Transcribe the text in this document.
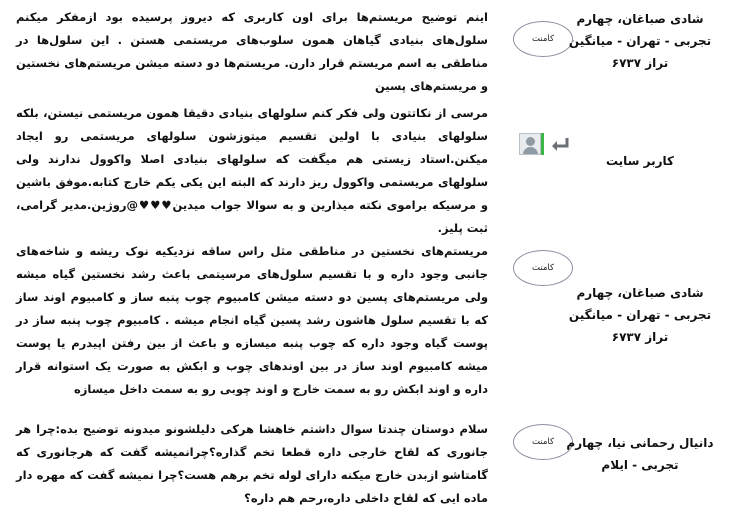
اینم توضیح مریستم‌ها برای اون کاربری که دیروز پرسیده بود ازمفکر میکنم سلول‌های بنیادی گیاهان همون سلوب‌های مریستمی هستن . این سلول‌ها در مناطقی به اسم مریستم قرار دارن. مریستم‌ها دو دسته میشن مریستم‌های نخستین و مریستم‌های پسین
کامنت
شادی صباغان، چهارم
تجربی - تهران - میانگین
تراز ۶۷۳۷
مرسی از نکاتتون ولی فکر کنم سلولهای بنیادی دقیقا همون مریستمی نیستن، بلکه سلولهای بنیادی با اولین تقسیم میتوزشون سلولهای مریستمی رو ایجاد میکنن.استاد زیستی هم میگفت که سلولهای بنیادی اصلا واکوول ندارند ولی سلولهای مریستمی واکوول ریز دارند که البته این یکی یکم خارج کتابه.موفق باشین و مرسیکه براموی نکته میذارین و به سوالا جواب میدین♥♥♥@روژین.مدیر گرامی، ثبت پلیز.
کاربر سایت
مریستم‌های نخستین در مناطقی مثل راس ساقه نزدیکیه نوک ریشه و شاخه‌های جانبی وجود داره و با تقسیم سلول‌های مرسیتمی باعث رشد نخستین گیاه میشه ولی مریستم‌های پسین دو دسته میشن کامبیوم چوب پنبه ساز و کامبیوم اوند ساز که با تقسیم سلول هاشون رشد پسین گیاه انجام میشه . کامبیوم چوب پنبه ساز در پوست گیاه وجود داره که چوب پنبه میسازه و باعث از بین رفتن اپیدرم یا پوست میشه کامبیوم اوند ساز در بین اوندهای چوب و ابکش به صورت یک استوانه قرار داره و اوند ابکش رو به سمت خارج و اوند چوبی رو به سمت داخل میسازه
کامنت
شادی صباغان، چهارم
تجربی - تهران - میانگین
تراز ۶۷۳۷
سلام دوستان چندتا سوال داشتم خاهشا هرکی دلیلشونو میدونه توضیح بده:چرا هر جانوری که لقاح خارجی داره قطعا تخم گذاره؟چرانمیشه گفت که هرجانوری که گامتاشو ازبدن خارج میکنه دارای لوله تخم برهم هست؟چرا نمیشه گفت که مهره دار ماده ایی که لقاح داخلی داره،رحم هم داره؟
کامنت	دانیال رحمانی نیا، چهارم
تجربی - ایلام
